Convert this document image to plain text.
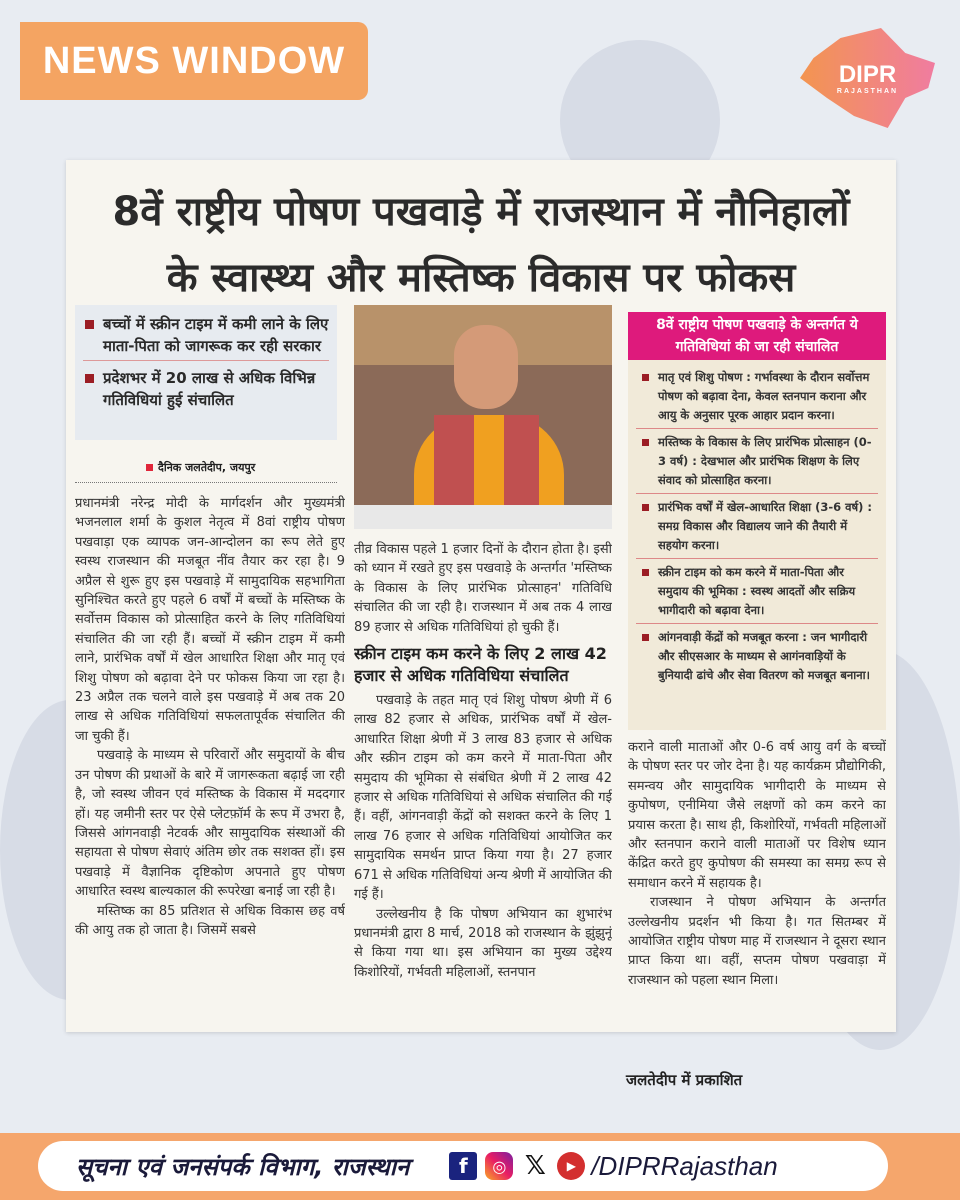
NEWS WINDOW	DIPR
RAJASTHAN
8वें राष्ट्रीय पोषण पखवाड़े में राजस्थान में नौनिहालों
के स्वास्थ्य और मस्तिष्क विकास पर फोकस
बच्चों में स्क्रीन टाइम में कमी लाने के लिए माता-पिता को जागरूक कर रही सरकार
प्रदेशभर में 20 लाख से अधिक विभिन्न गतिविधियां हुई संचालित
दैनिक जलतेदीप, जयपुर

प्रधानमंत्री नरेन्द्र मोदी के मार्गदर्शन और मुख्यमंत्री भजनलाल शर्मा के कुशल नेतृत्व में 8वां राष्ट्रीय पोषण पखवाड़ा एक व्यापक जन-आन्दोलन का रूप लेते हुए स्वस्थ राजस्थान की मजबूत नींव तैयार कर रहा है। 9 अप्रैल से शुरू हुए इस पखवाड़े में सामुदायिक सहभागिता सुनिश्चित करते हुए पहले 6 वर्षों में बच्चों के मस्तिष्क के सर्वोत्तम विकास को प्रोत्साहित करने के लिए गतिविधियां संचालित की जा रही हैं। बच्चों में स्क्रीन टाइम में कमी लाने, प्रारंभिक वर्षों में खेल आधारित शिक्षा और मातृ एवं शिशु पोषण को बढ़ावा देने पर फोकस किया जा रहा है। 23 अप्रैल तक चलने वाले इस पखवाड़े में अब तक 20 लाख से अधिक गतिविधियां सफलतापूर्वक संचालित की जा चुकी हैं।

पखवाड़े के माध्यम से परिवारों और समुदायों के बीच उन पोषण की प्रथाओं के बारे में जागरूकता बढ़ाई जा रही है, जो स्वस्थ जीवन एवं मस्तिष्क के विकास में मददगार हों। यह जमीनी स्तर पर ऐसे प्लेटफ़ॉर्म के रूप में उभरा है, जिससे आंगनवाड़ी नेटवर्क और सामुदायिक संस्थाओं की सहायता से पोषण सेवाएं अंतिम छोर तक सशक्त हों। इस पखवाड़े में वैज्ञानिक दृष्टिकोण अपनाते हुए पोषण आधारित स्वस्थ बाल्यकाल की रूपरेखा बनाई जा रही है।

मस्तिष्क का 85 प्रतिशत से अधिक विकास छह वर्ष की आयु तक हो जाता है। जिसमें सबसे

तीव्र विकास पहले 1 हजार दिनों के दौरान होता है। इसी को ध्यान में रखते हुए इस पखवाड़े के अन्तर्गत 'मस्तिष्क के विकास के लिए प्रारंभिक प्रोत्साहन' गतिविधि संचालित की जा रही है। राजस्थान में अब तक 4 लाख 89 हजार से अधिक गतिविधियां हो चुकी हैं।

स्क्रीन टाइम कम करने के लिए 2 लाख 42 हजार से अधिक गतिविधिया संचालित

पखवाड़े के तहत मातृ एवं शिशु पोषण श्रेणी में 6 लाख 82 हजार से अधिक, प्रारंभिक वर्षों में खेल-आधारित शिक्षा श्रेणी में 3 लाख 83 हजार से अधिक और स्क्रीन टाइम को कम करने में माता-पिता और समुदाय की भूमिका से संबंधित श्रेणी में 2 लाख 42 हजार से अधिक गतिविधियां से अधिक संचालित की गई हैं। वहीं, आंगनवाड़ी केंद्रों को सशक्त करने के लिए 1 लाख 76 हजार से अधिक गतिविधियां आयोजित कर सामुदायिक समर्थन प्राप्त किया गया है। 27 हजार 671 से अधिक गतिविधियां अन्य श्रेणी में आयोजित की गई हैं।

उल्लेखनीय है कि पोषण अभियान का शुभारंभ प्रधानमंत्री द्वारा 8 मार्च, 2018 को राजस्थान के झुंझुनूं से किया गया था। इस अभियान का मुख्य उद्देश्य किशोरियों, गर्भवती महिलाओं, स्तनपान

8वें राष्ट्रीय पोषण पखवाड़े के अन्तर्गत ये गतिविधियां की जा रही संचालित
मातृ एवं शिशु पोषण : गर्भावस्था के दौरान सर्वोत्तम पोषण को बढ़ावा देना, केवल स्तनपान कराना और आयु के अनुसार पूरक आहार प्रदान करना।
मस्तिष्क के विकास के लिए प्रारंभिक प्रोत्साहन (0-3 वर्ष) : देखभाल और प्रारंभिक शिक्षण के लिए संवाद को प्रोत्साहित करना।
प्रारंभिक वर्षों में खेल-आधारित शिक्षा (3-6 वर्ष) : समग्र विकास और विद्यालय जाने की तैयारी में सहयोग करना।
स्क्रीन टाइम को कम करने में माता-पिता और समुदाय की भूमिका : स्वस्थ आदतों और सक्रिय भागीदारी को बढ़ावा देना।
आंगनवाड़ी केंद्रों को मजबूत करना : जन भागीदारी और सीएसआर के माध्यम से आगंनवाड़ियों के बुनियादी ढांचे और सेवा वितरण को मजबूत बनाना।

कराने वाली माताओं और 0-6 वर्ष आयु वर्ग के बच्चों के पोषण स्तर पर जोर देना है। यह कार्यक्रम प्रौद्योगिकी, समन्वय और सामुदायिक भागीदारी के माध्यम से कुपोषण, एनीमिया जैसे लक्षणों को कम करने का प्रयास करता है। साथ ही, किशोरियों, गर्भवती महिलाओं और स्तनपान कराने वाली माताओं पर विशेष ध्यान केंद्रित करते हुए कुपोषण की समस्या का समग्र रूप से समाधान करने में सहायक है।

राजस्थान ने पोषण अभियान के अन्तर्गत उल्लेखनीय प्रदर्शन भी किया है। गत सितम्बर में आयोजित राष्ट्रीय पोषण माह में राजस्थान ने दूसरा स्थान प्राप्त किया था। वहीं, सप्तम पोषण पखवाड़ा में राजस्थान को पहला स्थान मिला।

जलतेदीप में प्रकाशित
सूचना एवं जनसंपर्क विभाग, राजस्थान	f	◎ 𝕏	▶ /DIPRRajasthan
